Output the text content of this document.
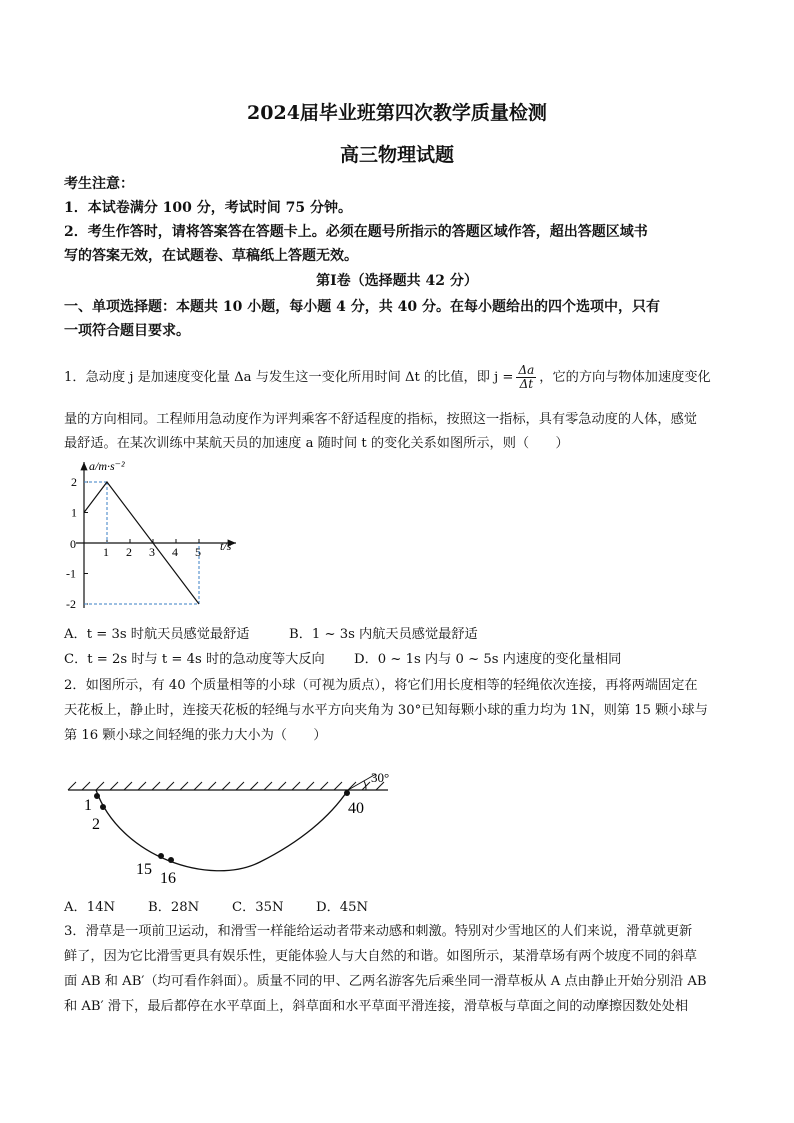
2024届毕业班第四次教学质量检测
高三物理试题
考生注意：
1．本试卷满分 100 分，考试时间 75 分钟。
2．考生作答时，请将答案答在答题卡上。必须在题号所指示的答题区域作答，超出答题区域书
写的答案无效，在试题卷、草稿纸上答题无效。
第Ⅰ卷（选择题共 42 分）
一、单项选择题：本题共 10 小题，每小题 4 分，共 40 分。在每小题给出的四个选项中，只有
一项符合题目要求。
1．急动度 j 是加速度变化量 Δa 与发生这一变化所用时间 Δt 的比值，即 $j = \frac{\Delta a}{\Delta t}$ ，它的方向与物体加速度变化
量的方向相同。工程师用急动度作为评判乘客不舒适程度的指标，按照这一指标，具有零急动度的人体，感觉
最舒适。在某次训练中某航天员的加速度 a 随时间 t 的变化关系如图所示，则（　　）
a/m·s⁻²
t/s
0
1 2 3 4 5
2
1
-1
-2
A．t = 3s 时航天员感觉最舒适	B．1 ~ 3s 内航天员感觉最舒适
C．t = 2s 时与 t = 4s 时的急动度等大反向 D．0 ~ 1s 内与 0 ~ 5s 内速度的变化量相同
2．如图所示，有 40 个质量相等的小球（可视为质点），将它们用长度相等的轻绳依次连接，再将两端固定在
天花板上，静止时，连接天花板的轻绳与水平方向夹角为 30°已知每颗小球的重力均为 1N，则第 15 颗小球与
第 16 颗小球之间轻绳的张力大小为（　　）
30°
1
2
15
16
40
A．14N B．28N C．35N D．45N
3．滑草是一项前卫运动，和滑雪一样能给运动者带来动感和刺激。特别对少雪地区的人们来说，滑草就更新
鲜了，因为它比滑雪更具有娱乐性，更能体验人与大自然的和谐。如图所示，某滑草场有两个坡度不同的斜草
面 AB 和 AB′（均可看作斜面）。质量不同的甲、乙两名游客先后乘坐同一滑草板从 A 点由静止开始分别沿 AB
和 AB′ 滑下，最后都停在水平草面上，斜草面和水平草面平滑连接，滑草板与草面之间的动摩擦因数处处相
